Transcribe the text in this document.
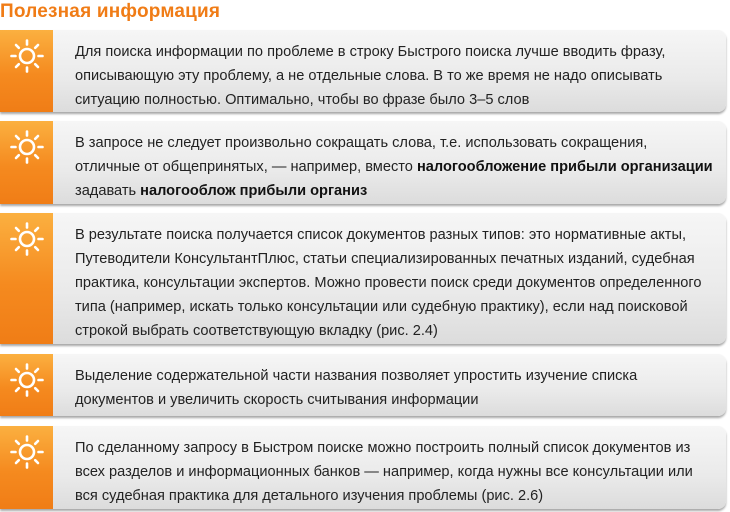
Полезная информация
Для поиска информации по проблеме в строку Быстрого поиска лучше вводить фразу, описывающую эту проблему, а не отдельные слова. В то же время не надо описывать ситуацию полностью. Оптимально, чтобы во фразе было 3–5 слов
В запросе не следует произвольно сокращать слова, т.е. использовать сокращения, отличные от общепринятых, — например, вместо налогообложение прибыли организации задавать налогооблож прибыли организ
В результате поиска получается список документов разных типов: это нормативные акты, Путеводители КонсультантПлюс, статьи специализированных печатных изданий, судебная практика, консультации экспертов. Можно провести поиск среди документов определенного типа (например, искать только консультации или судебную практику), если над поисковой строкой выбрать соответствующую вкладку (рис. 2.4)
Выделение содержательной части названия позволяет упростить изучение списка документов и увеличить скорость считывания информации
По сделанному запросу в Быстром поиске можно построить полный список документов из всех разделов и информационных банков — например, когда нужны все консультации или вся судебная практика для детального изучения проблемы (рис. 2.6)
